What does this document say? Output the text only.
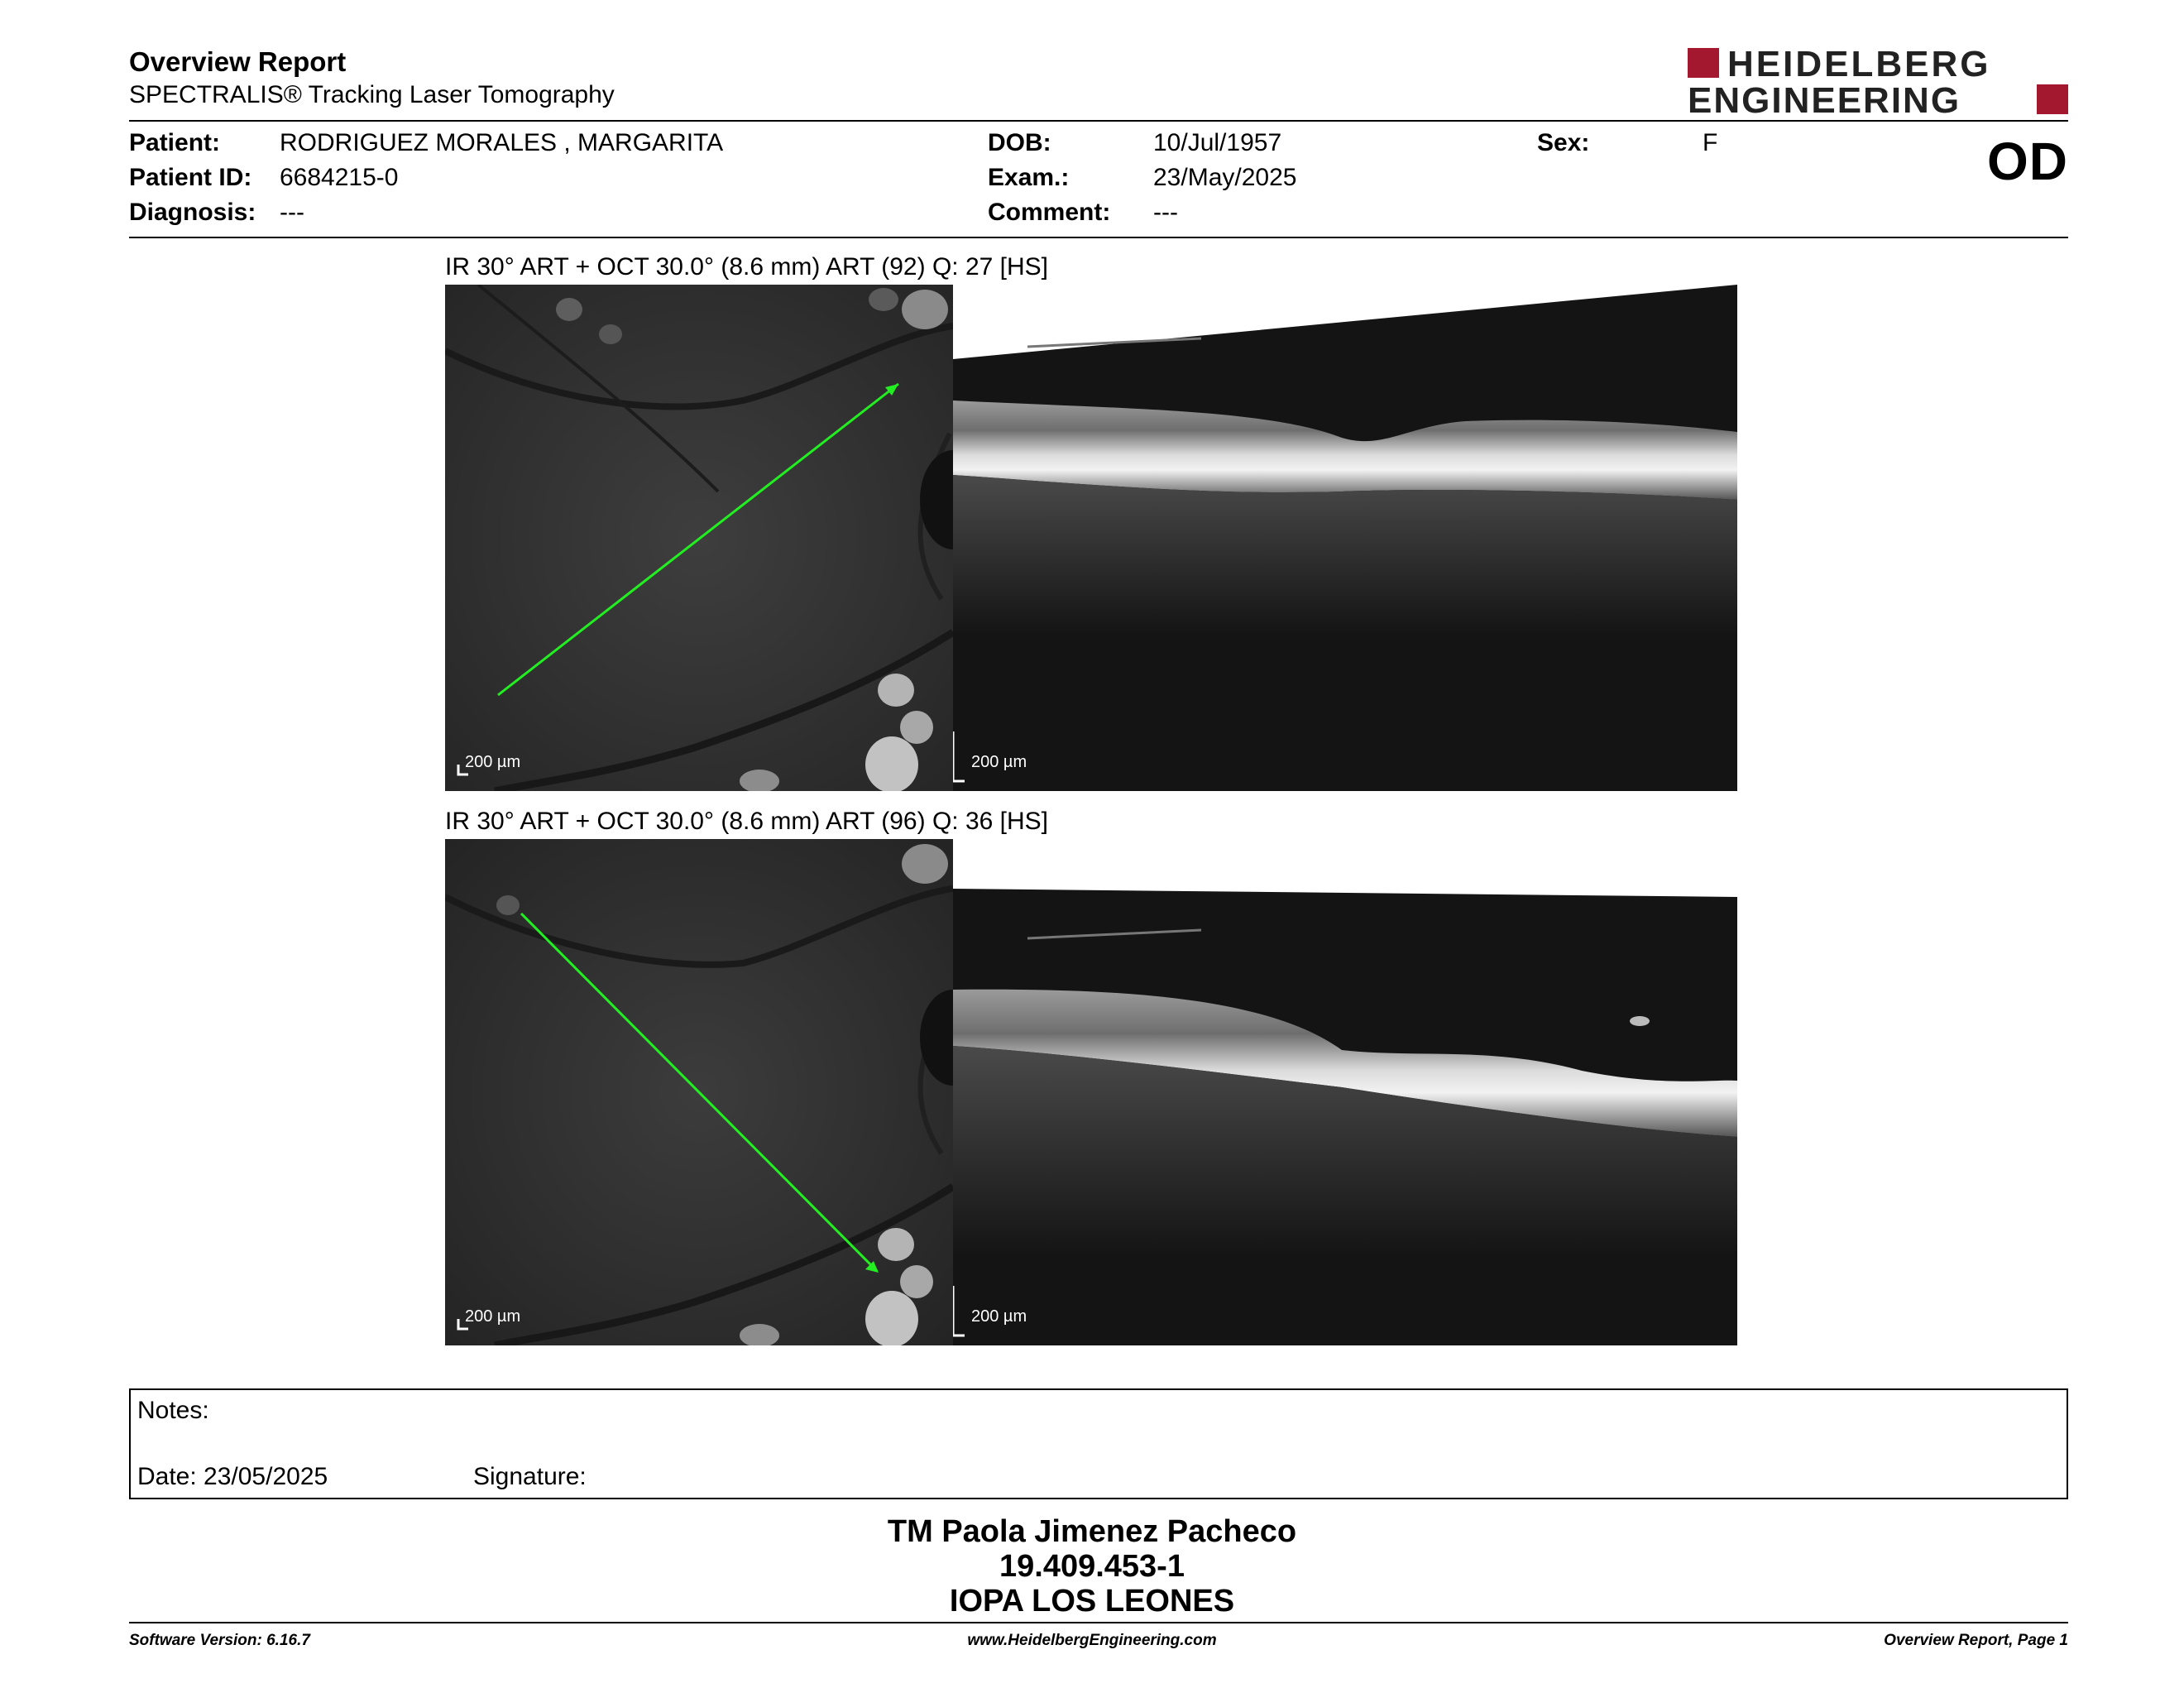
Overview Report
SPECTRALIS® Tracking Laser Tomography
HEIDELBERG
ENGINEERING
Patient: RODRIGUEZ MORALES , MARGARITA
Patient ID: 6684215-0
Diagnosis: ---
DOB:	10/Jul/1957
Exam.:	23/May/2025
Comment: ---
Sex:	F	OD
IR 30° ART + OCT 30.0° (8.6 mm) ART (92) Q: 27 [HS]
200 µm	200 µm
IR 30° ART + OCT 30.0° (8.6 mm) ART (96) Q: 36 [HS]
200 µm	200 µm
Notes:
Date: 23/05/2025	Signature:
TM Paola Jimenez Pacheco
19.409.453-1
IOPA LOS LEONES
Software Version: 6.16.7	www.HeidelbergEngineering.com	Overview Report, Page 1
